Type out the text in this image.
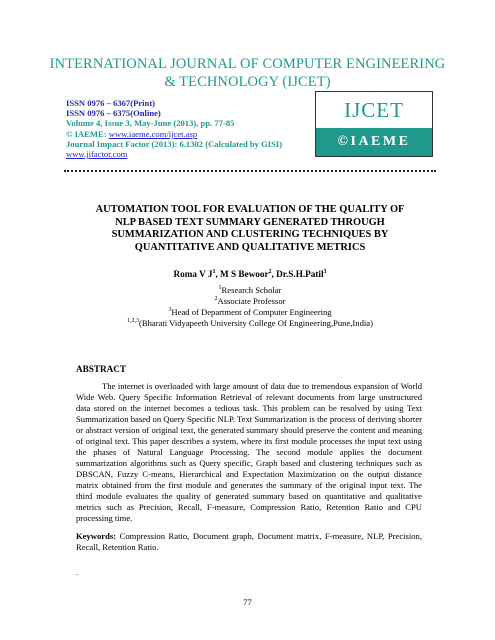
INTERNATIONAL JOURNAL OF COMPUTER ENGINEERING
& TECHNOLOGY (IJCET)
ISSN 0976 – 6367(Print)
ISSN 0976 – 6375(Online)
Volume 4, Issue 3, May-June (2013), pp. 77-85
© IAEME: www.iaeme.com/ijcet.asp
Journal Impact Factor (2013): 6.1302 (Calculated by GISI)
www.jifactor.com
IJCET
©IAEME
AUTOMATION TOOL FOR EVALUATION OF THE QUALITY OF
NLP BASED TEXT SUMMARY GENERATED THROUGH
SUMMARIZATION AND CLUSTERING TECHNIQUES BY
QUANTITATIVE AND QUALITATIVE METRICS
Roma V $J^1$, M S Bewoor$^2$, Dr.S.H.Patil$^3$
$^1$Research Scholar
$^2$Associate Professor
$^3$Head of Department of Computer Engineering
$^{1,2,3}$(Bharati Vidyapeeth University College Of Engineering,Pune,India)
ABSTRACT
The internet is overloaded with large amount of data due to tremendous expansion of World Wide Web. Query Specific Information Retrieval of relevant documents from large unstructured data stored on the internet becomes a tedious task. This problem can be resolved by using Text Summarization based on Query Specific NLP. Text Summarization is the process of deriving shorter or abstract version of original text, the generated summary should preserve the content and meaning of original text. This paper describes a system, where its first module processes the input text using the phases of Natural Language Processing. The second module applies the document summarization algorithms such as Query specific, Graph based and clustering techniques such as DBSCAN, Fuzzy C-means, Hierarchical and Expectation Maximization on the output distance matrix obtained from the first module and generates the summary of the original input text. The third module evaluates the quality of generated summary based on quantitative and qualitative metrics such as Precision, Recall, F-measure, Compression Ratio, Retention Ratio and CPU processing time.
Keywords: Compression Ratio, Document graph, Document matrix, F-measure, NLP, Precision, Recall, Retention Ratio.
.
77
